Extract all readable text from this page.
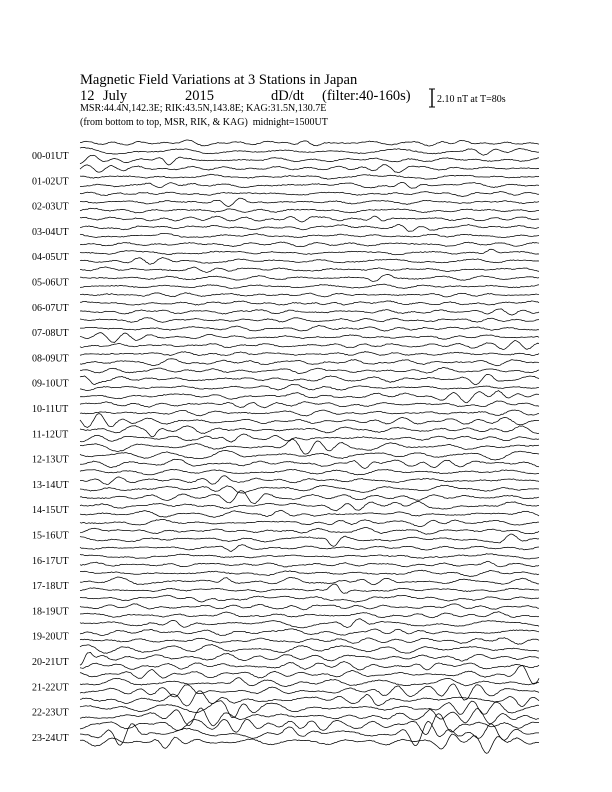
Magnetic Field Variations at 3 Stations in Japan
12 July	2015	dD/dt (filter:40-160s)
MSR:44.4N,142.3E; RIK:43.5N,143.8E; KAG:31.5N,130.7E
(from bottom to top, MSR, RIK, & KAG) midnight=1500UT
2.10 nT at T=80s
00-01UT
01-02UT
02-03UT
03-04UT
04-05UT
05-06UT
06-07UT
07-08UT
08-09UT
09-10UT
10-11UT
11-12UT
12-13UT
13-14UT
14-15UT
15-16UT
16-17UT
17-18UT
18-19UT
19-20UT
20-21UT
21-22UT
22-23UT
23-24UT
